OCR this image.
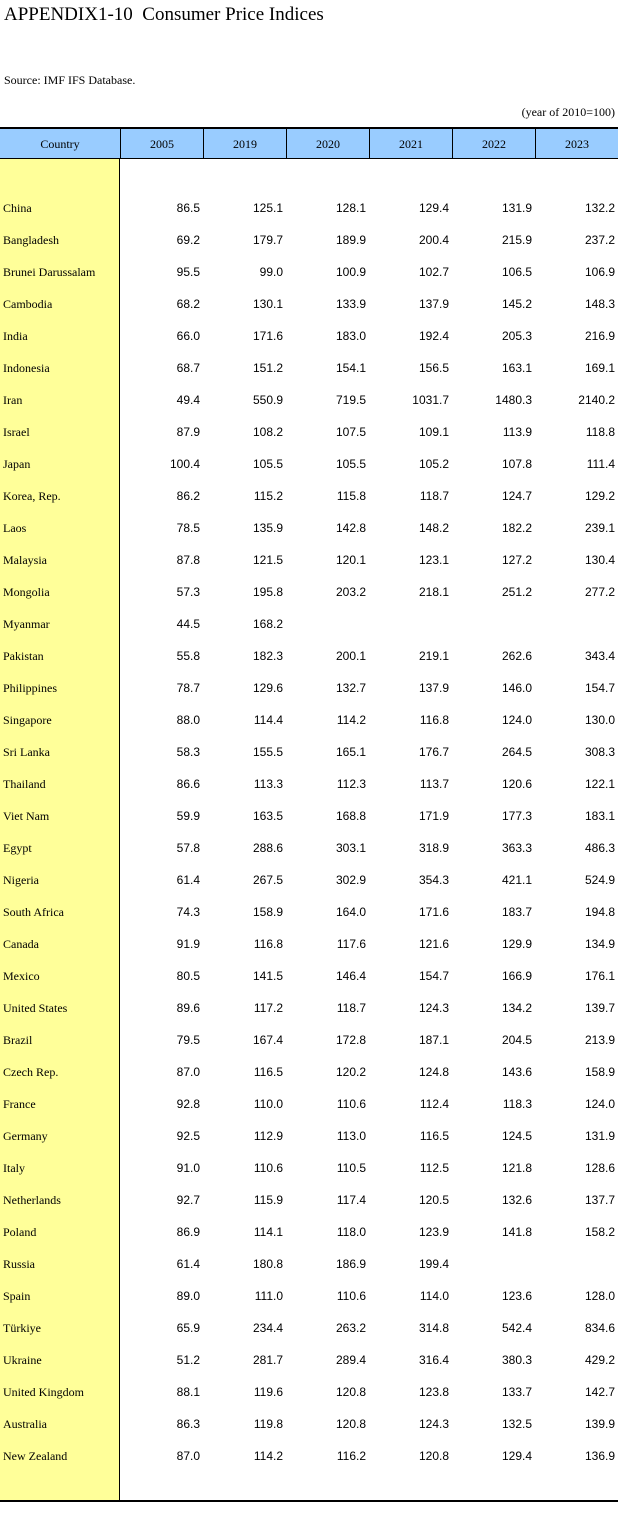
APPENDIX1-10  Consumer Price Indices
Source: IMF IFS Database.
(year of 2010=100)
Country	2005	2019	2020	2021	2022	2023
China	86.5	125.1	128.1	129.4	131.9	132.2
Bangladesh	69.2	179.7	189.9	200.4	215.9	237.2
Brunei Darussalam	95.5	99.0	100.9	102.7	106.5	106.9
Cambodia	68.2	130.1	133.9	137.9	145.2	148.3
India	66.0	171.6	183.0	192.4	205.3	216.9
Indonesia	68.7	151.2	154.1	156.5	163.1	169.1
Iran	49.4	550.9	719.5	1031.7	1480.3	2140.2
Israel	87.9	108.2	107.5	109.1	113.9	118.8
Japan	100.4	105.5	105.5	105.2	107.8	111.4
Korea, Rep.	86.2	115.2	115.8	118.7	124.7	129.2
Laos	78.5	135.9	142.8	148.2	182.2	239.1
Malaysia	87.8	121.5	120.1	123.1	127.2	130.4
Mongolia	57.3	195.8	203.2	218.1	251.2	277.2
Myanmar	44.5	168.2
Pakistan	55.8	182.3	200.1	219.1	262.6	343.4
Philippines	78.7	129.6	132.7	137.9	146.0	154.7
Singapore	88.0	114.4	114.2	116.8	124.0	130.0
Sri Lanka	58.3	155.5	165.1	176.7	264.5	308.3
Thailand	86.6	113.3	112.3	113.7	120.6	122.1
Viet Nam	59.9	163.5	168.8	171.9	177.3	183.1
Egypt	57.8	288.6	303.1	318.9	363.3	486.3
Nigeria	61.4	267.5	302.9	354.3	421.1	524.9
South Africa	74.3	158.9	164.0	171.6	183.7	194.8
Canada	91.9	116.8	117.6	121.6	129.9	134.9
Mexico	80.5	141.5	146.4	154.7	166.9	176.1
United States	89.6	117.2	118.7	124.3	134.2	139.7
Brazil	79.5	167.4	172.8	187.1	204.5	213.9
Czech Rep.	87.0	116.5	120.2	124.8	143.6	158.9
France	92.8	110.0	110.6	112.4	118.3	124.0
Germany	92.5	112.9	113.0	116.5	124.5	131.9
Italy	91.0	110.6	110.5	112.5	121.8	128.6
Netherlands	92.7	115.9	117.4	120.5	132.6	137.7
Poland	86.9	114.1	118.0	123.9	141.8	158.2
Russia	61.4	180.8	186.9	199.4
Spain	89.0	111.0	110.6	114.0	123.6	128.0
Türkiye	65.9	234.4	263.2	314.8	542.4	834.6
Ukraine	51.2	281.7	289.4	316.4	380.3	429.2
United Kingdom	88.1	119.6	120.8	123.8	133.7	142.7
Australia	86.3	119.8	120.8	124.3	132.5	139.9
New Zealand	87.0	114.2	116.2	120.8	129.4	136.9
